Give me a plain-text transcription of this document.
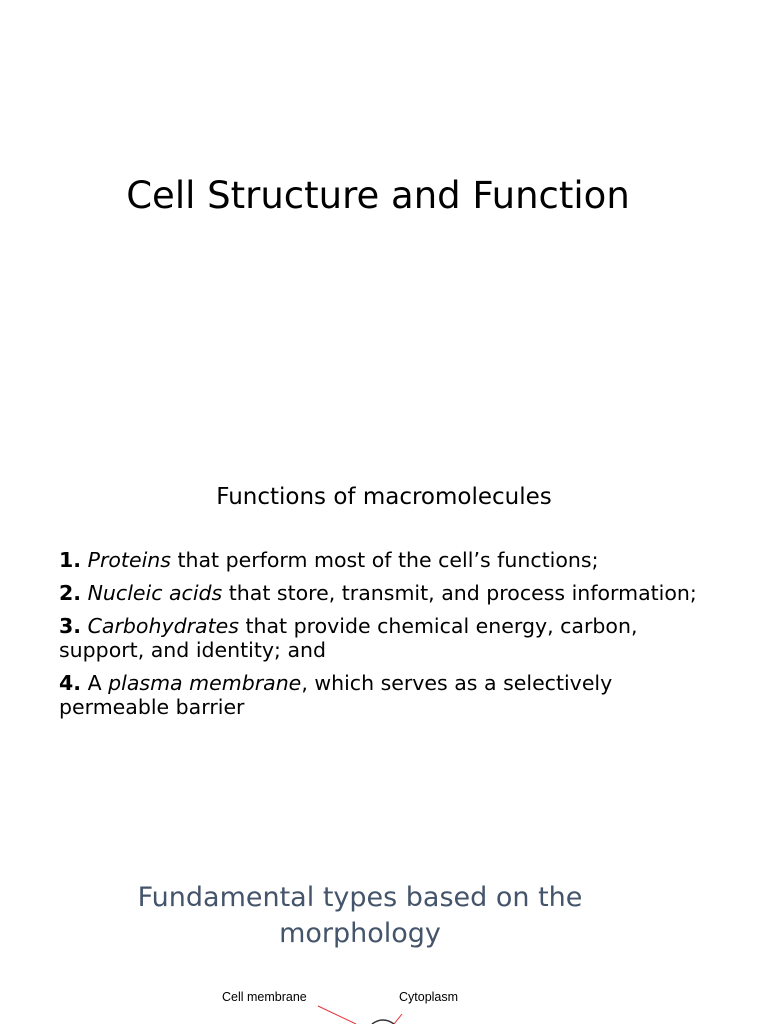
Cell Structure and Function
Functions of macromolecules
1. Proteins that perform most of the cell’s functions;
2. Nucleic acids that store, transmit, and process information;
3. Carbohydrates that provide chemical energy, carbon, support, and identity; and
4. A plasma membrane, which serves as a selectively permeable barrier
Fundamental types based on the morphology
Cell membrane	Cytoplasm
